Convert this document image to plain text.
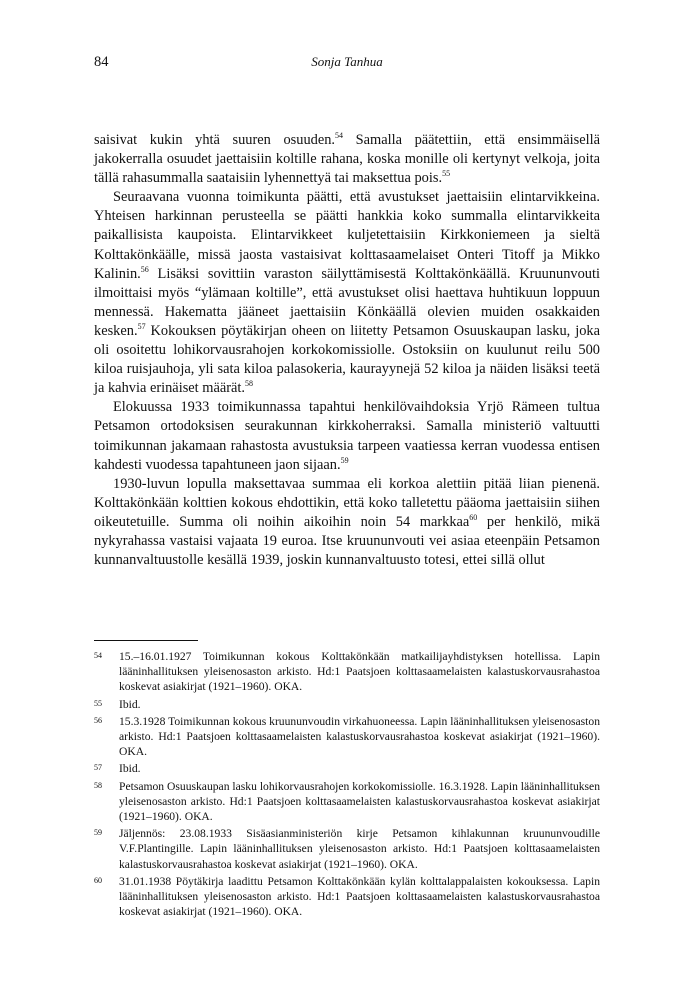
84	Sonja Tanhua

saisivat kukin yhtä suuren osuuden.$^{54}$ Samalla päätettiin, että ensimmäisellä jakokerralla osuudet jaettaisiin koltille rahana, koska monille oli kertynyt velkoja, joita tällä rahasummalla saataisiin lyhennettyä tai maksettua pois.$^{55}$

Seuraavana vuonna toimikunta päätti, että avustukset jaettaisiin elintarvikkeina. Yhteisen harkinnan perusteella se päätti hankkia koko summalla elintarvikkeita paikallisista kaupoista. Elintarvikkeet kuljetettaisiin Kirkkoniemeen ja sieltä Kolttakönkäälle, missä jaosta vastaisivat kolttasaamelaiset Onteri Titoff ja Mikko Kalinin.$^{56}$ Lisäksi sovittiin varaston säilyttämisestä Kolttakönkäällä. Kruununvouti ilmoittaisi myös “ylämaan koltille”, että avustukset olisi haettava huhtikuun loppuun mennessä. Hakematta jääneet jaettaisiin Könkäällä olevien muiden osakkaiden kesken.$^{57}$ Kokouksen pöytäkirjan oheen on liitetty Petsamon Osuuskaupan lasku, joka oli osoitettu lohikorvausrahojen korkokomissiolle. Ostoksiin on kuulunut reilu 500 kiloa ruisjauhoja, yli sata kiloa palasokeria, kaurayynejä 52 kiloa ja näiden lisäksi teetä ja kahvia erinäiset määrät.$^{58}$

Elokuussa 1933 toimikunnassa tapahtui henkilövaihdoksia Yrjö Rämeen tultua Petsamon ortodoksisen seurakunnan kirkkoherraksi. Samalla ministeriö valtuutti toimikunnan jakamaan rahastosta avustuksia tarpeen vaatiessa kerran vuodessa entisen kahdesti vuodessa tapahtuneen jaon sijaan.$^{59}$

1930-luvun lopulla maksettavaa summaa eli korkoa alettiin pitää liian pienenä. Kolttakönkään kolttien kokous ehdottikin, että koko talletettu pääoma jaettaisiin siihen oikeutetuille. Summa oli noihin aikoihin noin 54 markkaa$^{60}$ per henkilö, mikä nykyrahassa vastaisi vajaata 19 euroa. Itse kruununvouti vei asiaa eteenpäin Petsamon kunnanvaltuustolle kesällä 1939, joskin kunnanvaltuusto totesi, ettei sillä ollut

54	15.–16.01.1927 Toimikunnan kokous Kolttakönkään matkailijayhdistyksen hotellissa. Lapin lääninhallituksen yleisenosaston arkisto. Hd:1 Paatsjoen kolttasaamelaisten kalastuskorvausrahastoa koskevat asiakirjat (1921–1960). OKA.
55	Ibid.
56	15.3.1928 Toimikunnan kokous kruununvoudin virkahuoneessa. Lapin lääninhallituksen yleisenosaston arkisto. Hd:1 Paatsjoen kolttasaamelaisten kalastuskorvausrahastoa koskevat asiakirjat (1921–1960). OKA.
57	Ibid.
58	Petsamon Osuuskaupan lasku lohikorvausrahojen korkokomissiolle. 16.3.1928. Lapin lääninhallituksen yleisenosaston arkisto. Hd:1 Paatsjoen kolttasaamelaisten kalastuskorvausrahastoa koskevat asiakirjat (1921–1960). OKA.
59	Jäljennös: 23.08.1933 Sisäasianministeriön kirje Petsamon kihlakunnan kruununvoudille V.F.Plantingille. Lapin lääninhallituksen yleisenosaston arkisto. Hd:1 Paatsjoen kolttasaamelaisten kalastuskorvausrahastoa koskevat asiakirjat (1921–1960). OKA.
60	31.01.1938 Pöytäkirja laadittu Petsamon Kolttakönkään kylän kolttalappalaisten kokouksessa. Lapin lääninhallituksen yleisenosaston arkisto. Hd:1 Paatsjoen kolttasaamelaisten kalastuskorvausrahastoa koskevat asiakirjat (1921–1960). OKA.
